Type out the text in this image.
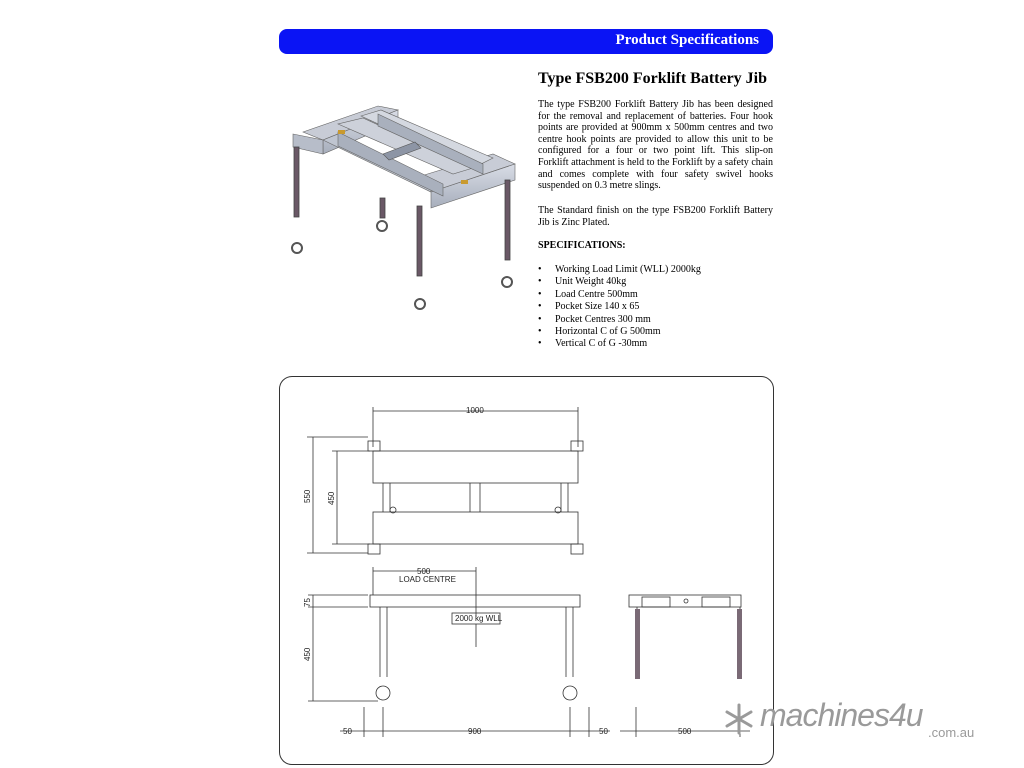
Product Specifications
Type FSB200 Forklift Battery Jib

The type FSB200 Forklift Battery Jib has been designed for the removal and replacement of batteries. Four hook points are provided at 900mm x 500mm centres and two centre hook points are provided to allow this unit to be configured for a four or two point lift. This slip-on Forklift attachment is held to the Forklift by a safety chain and comes complete with four safety swivel hooks suspended on 0.3 metre slings.

The Standard finish on the type FSB200 Forklift Battery Jib is Zinc Plated.

SPECIFICATIONS:
• Working Load Limit (WLL) 2000kg
• Unit Weight 40kg
• Load Centre 500mm
• Pocket Size 140 x 65
• Pocket Centres 300 mm
• Horizontal C of G 500mm
• Vertical C of G -30mm
1000
550 450
500
LOAD CENTRE
75
450
2000 kg WLL
50	900	50	500 machines4u .com.au
